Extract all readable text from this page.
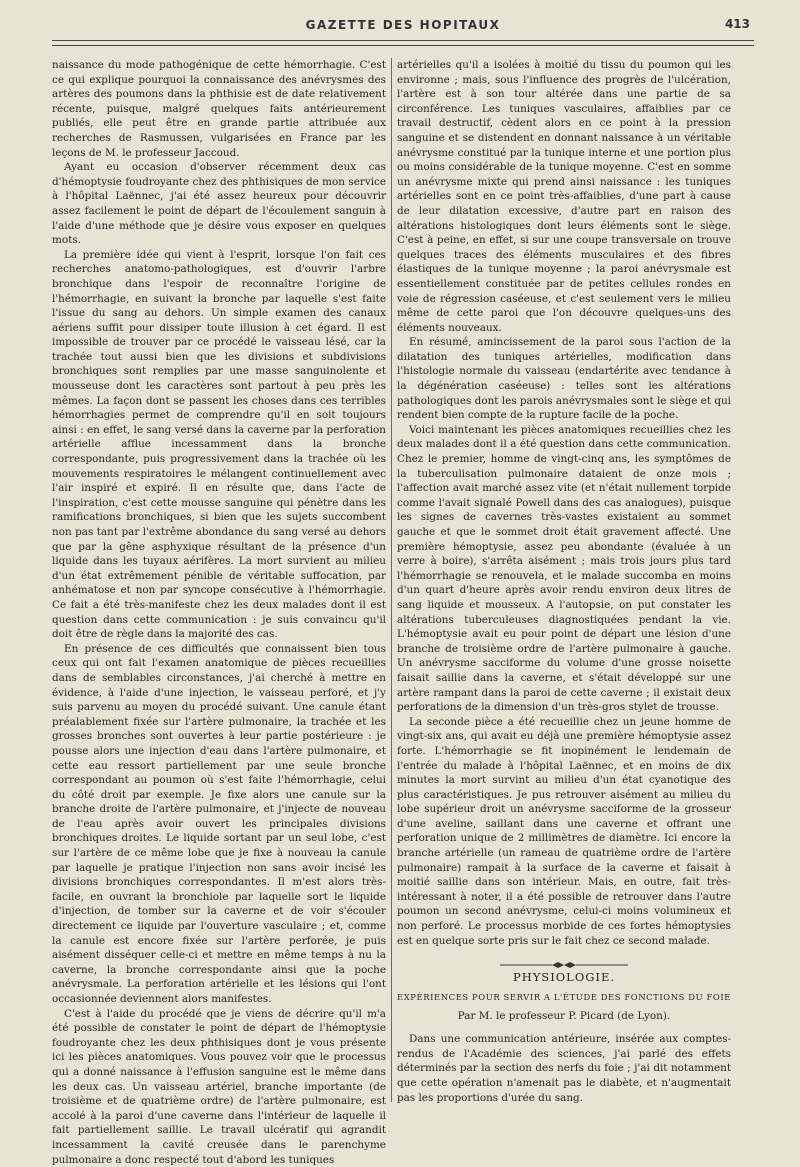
GAZETTE DES HOPITAUX	413

naissance du mode pathogénique de cette hémorrhagie. C'est ce qui explique pourquoi la connaissance des anévrysmes des artères des poumons dans la phthisie est de date relativement récente, puisque, malgré quelques faits antérieurement publiés, elle peut être en grande partie attribuée aux recherches de Rasmussen, vulgarisées en France par les leçons de M. le professeur Jaccoud.

Ayant eu occasion d'observer récemment deux cas d'hémoptysie foudroyante chez des phthisiques de mon service à l'hôpital Laënnec, j'ai été assez heureux pour découvrir assez facilement le point de départ de l'écoulement sanguin à l'aide d'une méthode que je désire vous exposer en quelques mots.

La première idée qui vient à l'esprit, lorsque l'on fait ces recherches anatomo-pathologiques, est d'ouvrir l'arbre bronchique dans l'espoir de reconnaître l'origine de l'hémorrhagie, en suivant la bronche par laquelle s'est faite l'issue du sang au dehors. Un simple examen des canaux aériens suffit pour dissiper toute illusion à cet égard. Il est impossible de trouver par ce procédé le vaisseau lésé, car la trachée tout aussi bien que les divisions et subdivisions bronchiques sont remplies par une masse sanguinolente et mousseuse dont les caractères sont partout à peu près les mêmes. La façon dont se passent les choses dans ces terribles hémorrhagies permet de comprendre qu'il en soit toujours ainsi : en effet, le sang versé dans la caverne par la perforation artérielle afflue incessamment dans la bronche correspondante, puis progressivement dans la trachée où les mouvements respiratoires le mélangent continuellement avec l'air inspiré et expiré. Il en résulte que, dans l'acte de l'inspiration, c'est cette mousse sanguine qui pénètre dans les ramifications bronchiques, si bien que les sujets succombent non pas tant par l'extrême abondance du sang versé au dehors que par la gêne asphyxique résultant de la présence d'un liquide dans les tuyaux aérifères. La mort survient au milieu d'un état extrêmement pénible de véritable suffocation, par anhématose et non par syncope consécutive à l'hémorrhagie. Ce fait a été très-manifeste chez les deux malades dont il est question dans cette communication : je suis convaincu qu'il doit être de règle dans la majorité des cas.

En présence de ces difficultés que connaissent bien tous ceux qui ont fait l'examen anatomique de pièces recueillies dans de semblables circonstances, j'ai cherché à mettre en évidence, à l'aide d'une injection, le vaisseau perforé, et j'y suis parvenu au moyen du procédé suivant. Une canule étant préalablement fixée sur l'artère pulmonaire, la trachée et les grosses bronches sont ouvertes à leur partie postérieure : je pousse alors une injection d'eau dans l'artère pulmonaire, et cette eau ressort partiellement par une seule bronche correspondant au poumon où s'est faite l'hémorrhagie, celui du côté droit par exemple. Je fixe alors une canule sur la branche droite de l'artère pulmonaire, et j'injecte de nouveau de l'eau après avoir ouvert les principales divisions bronchiques droites. Le liquide sortant par un seul lobe, c'est sur l'artère de ce même lobe que je fixe à nouveau la canule par laquelle je pratique l'injection non sans avoir incisé les divisions bronchiques correspondantes. Il m'est alors très-facile, en ouvrant la bronchiole par laquelle sort le liquide d'injection, de tomber sur la caverne et de voir s'écouler directement ce liquide par l'ouverture vasculaire ; et, comme la canule est encore fixée sur l'artère perforée, je puis aisément disséquer celle-ci et mettre en même temps à nu la caverne, la bronche correspondante ainsi que la poche anévrysmale. La perforation artérielle et les lésions qui l'ont occasionnée deviennent alors manifestes.

C'est à l'aide du procédé que je viens de décrire qu'il m'a été possible de constater le point de départ de l'hémoptysie foudroyante chez les deux phthisiques dont je vous présente ici les pièces anatomiques. Vous pouvez voir que le processus qui a donné naissance à l'effusion sanguine est le même dans les deux cas. Un vaisseau artériel, branche importante (de troisième et de quatrième ordre) de l'artère pulmonaire, est accolé à la paroi d'une caverne dans l'intérieur de laquelle il fait partiellement saillie. Le travail ulcératif qui agrandit incessamment la cavité creusée dans le parenchyme pulmonaire a donc respecté tout d'abord les tuniques

artérielles qu'il a isolées à moitié du tissu du poumon qui les environne ; mais, sous l'influence des progrès de l'ulcération, l'artère est à son tour altérée dans une partie de sa circonférence. Les tuniques vasculaires, affaiblies par ce travail destructif, cèdent alors en ce point à la pression sanguine et se distendent en donnant naissance à un véritable anévrysme constitué par la tunique interne et une portion plus ou moins considérable de la tunique moyenne. C'est en somme un anévrysme mixte qui prend ainsi naissance : les tuniques artérielles sont en ce point très-affaiblies, d'une part à cause de leur dilatation excessive, d'autre part en raison des altérations histologiques dont leurs éléments sont le siège. C'est à peine, en effet, si sur une coupe transversale on trouve quelques traces des éléments musculaires et des fibres élastiques de la tunique moyenne ; la paroi anévrysmale est essentiellement constituée par de petites cellules rondes en voie de régression caséeuse, et c'est seulement vers le milieu même de cette paroi que l'on découvre quelques-uns des éléments nouveaux.

En résumé, amincissement de la paroi sous l'action de la dilatation des tuniques artérielles, modification dans l'histologie normale du vaisseau (endartérite avec tendance à la dégénération caséeuse) : telles sont les altérations pathologiques dont les parois anévrysmales sont le siège et qui rendent bien compte de la rupture facile de la poche.

Voici maintenant les pièces anatomiques recueillies chez les deux malades dont il a été question dans cette communication. Chez le premier, homme de vingt-cinq ans, les symptômes de la tuberculisation pulmonaire dataient de onze mois ; l'affection avait marché assez vite (et n'était nullement torpide comme l'avait signalé Powell dans des cas analogues), puisque les signes de cavernes très-vastes existaient au sommet gauche et que le sommet droit était gravement affecté. Une première hémoptysie, assez peu abondante (évaluée à un verre à boire), s'arrêta aisément ; mais trois jours plus tard l'hémorrhagie se renouvela, et le malade succomba en moins d'un quart d'heure après avoir rendu environ deux litres de sang liquide et mousseux. A l'autopsie, on put constater les altérations tuberculeuses diagnostiquées pendant la vie. L'hémoptysie avait eu pour point de départ une lésion d'une branche de troisième ordre de l'artère pulmonaire à gauche. Un anévrysme sacciforme du volume d'une grosse noisette faisait saillie dans la caverne, et s'était développé sur une artère rampant dans la paroi de cette caverne ; il existait deux perforations de la dimension d'un très-gros stylet de trousse.

La seconde pièce a été recueillie chez un jeune homme de vingt-six ans, qui avait eu déjà une première hémoptysie assez forte. L'hémorrhagie se fit inopinément le lendemain de l'entrée du malade à l'hôpital Laënnec, et en moins de dix minutes la mort survint au milieu d'un état cyanotique des plus caractéristiques. Je pus retrouver aisément au milieu du lobe supérieur droit un anévrysme sacciforme de la grosseur d'une aveline, saillant dans une caverne et offrant une perforation unique de 2 millimètres de diamètre. Ici encore la branche artérielle (un rameau de quatrième ordre de l'artère pulmonaire) rampait à la surface de la caverne et faisait à moitié saillie dans son intérieur. Mais, en outre, fait très-intéressant à noter, il a été possible de retrouver dans l'autre poumon un second anévrysme, celui-ci moins volumineux et non perforé. Le processus morbide de ces fortes hémoptysies est en quelque sorte pris sur le fait chez ce second malade.

PHYSIOLOGIE.
EXPÉRIENCES POUR SERVIR A L'ÉTUDE DES FONCTIONS DU FOIE
Par M. le professeur P. Picard (de Lyon).

Dans une communication antérieure, insérée aux comptes-rendus de l'Académie des sciences, j'ai parlé des effets déterminés par la section des nerfs du foie ; j'ai dit notamment que cette opération n'amenait pas le diabète, et n'augmentait pas les proportions d'urée du sang.
